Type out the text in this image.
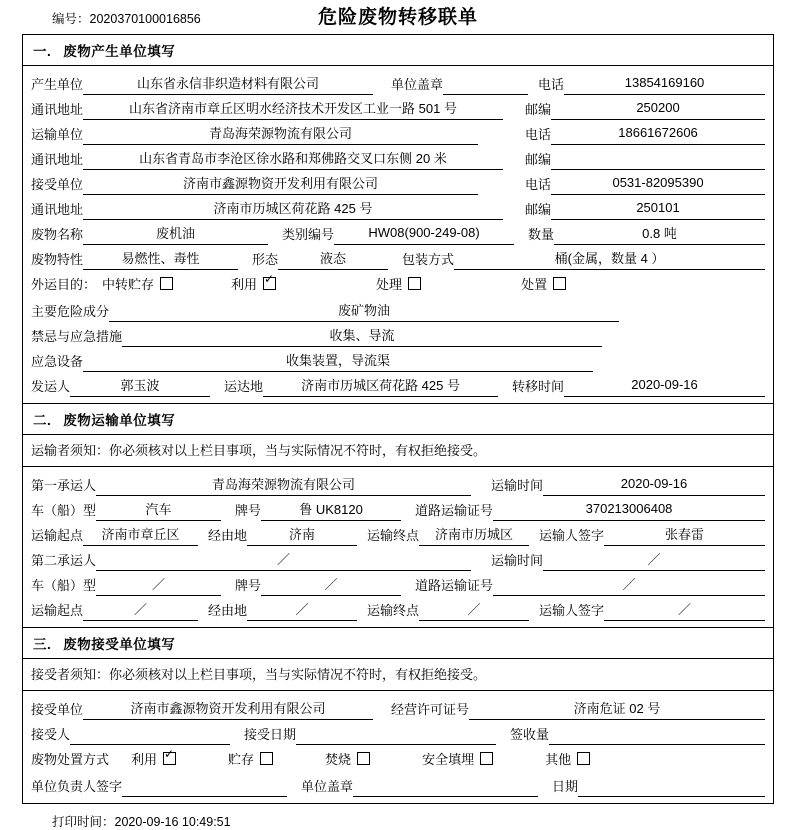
编号：2020370100016856	危险废物转移联单
一. 废物产生单位填写

产生单位	山东省永信非织造材料有限公司	单位盖章	电话	13854169160
通讯地址	山东省济南市章丘区明水经济技术开发区工业一路 501 号	邮编	250200
运输单位	青岛海荣源物流有限公司	电话	18661672606
通讯地址	山东省青岛市李沧区徐水路和郑佛路交叉口东侧 20 米	邮编
接受单位	济南市鑫源物资开发利用有限公司	电话	0531-82095390
通讯地址	济南市历城区荷花路 425 号	邮编	250101
废物名称	废机油	类别编号	HW08(900-249-08)	数量	0.8 吨
废物特性	易燃性、毒性	形态	液态	包装方式	桶(金属，数量 4 ）
外运目的： 中转贮存	利用 ✓	处理	处置
主要危险成分	废矿物油
禁忌与应急措施	收集、导流
应急设备	收集装置，导流渠
发运人	郭玉波	运达地	济南市历城区荷花路 425 号	转移时间	2020-09-16

二. 废物运输单位填写

运输者须知：你必须核对以上栏目事项，当与实际情况不符时，有权拒绝接受。

第一承运人	青岛海荣源物流有限公司	运输时间	2020-09-16
车（船）型	汽车	牌号	鲁 UK8120	道路运输证号	370213006408
运输起点	济南市章丘区	经由地	济南	运输终点	济南市历城区	运输人签字	张春雷
第二承运人	／	运输时间	／
车（船）型	／	牌号	／	道路运输证号	／
运输起点	／	经由地	／	运输终点	／	运输人签字	／

三. 废物接受单位填写

接受者须知：你必须核对以上栏目事项，当与实际情况不符时，有权拒绝接受。

接受单位	济南市鑫源物资开发利用有限公司	经营许可证号	济南危证 02 号
接受人	接受日期	签收量
废物处置方式 利用 ✓	贮存	焚烧	安全填埋	其他
单位负责人签字	单位盖章	日期
打印时间：2020-09-16 10:49:51
